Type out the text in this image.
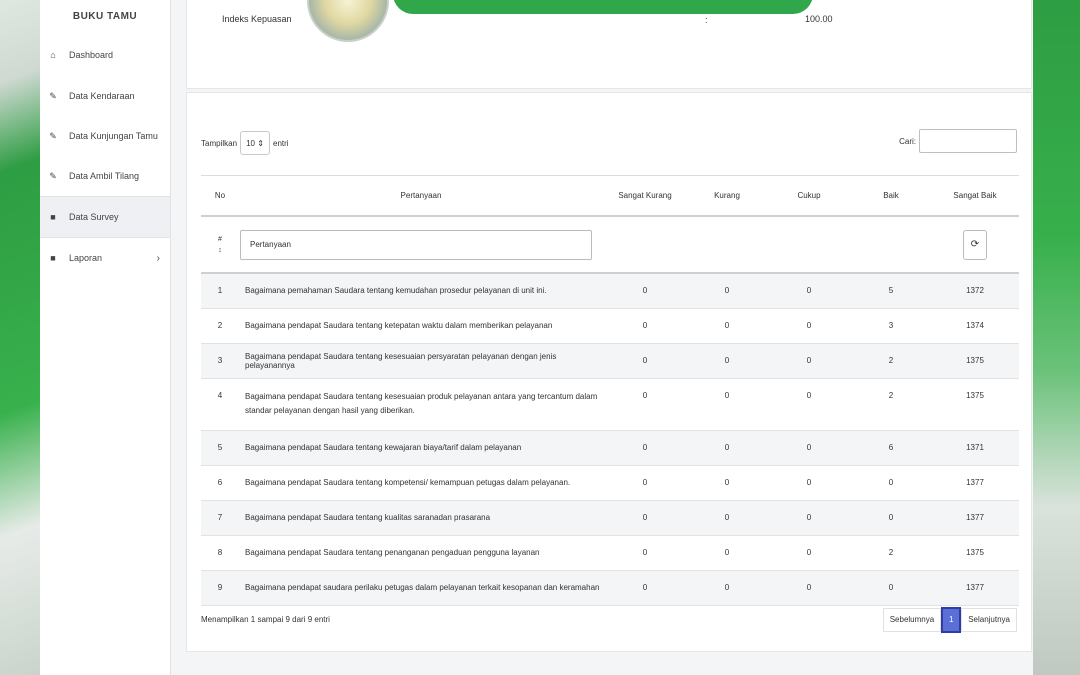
BUKU TAMU
⌂ Dashboard
✎ Data Kendaraan
✎ Data Kunjungan Tamu
✎ Data Ambil Tilang
■ Data Survey
■ Laporan	›
Indeks Kepuasan	:	100.00
Tampilkan	10 ⇕	entri	Cari:
No	Pertanyaan	Sangat Kurang	Kurang	Cukup	Baik	Sangat Baik

#
↕	Pertanyaan					⟳

1	Bagaimana pemahaman Saudara tentang kemudahan prosedur pelayanan di unit ini.	0	0	0	5	1372
2	Bagaimana pendapat Saudara tentang ketepatan waktu dalam memberikan pelayanan	0	0	0	3	1374
3	Bagaimana pendapat Saudara tentang kesesuaian persyaratan pelayanan dengan jenis pelayanannya	0	0	0	2	1375
4	Bagaimana pendapat Saudara tentang kesesuaian produk pelayanan antara yang tercantum dalam standar pelayanan dengan hasil yang diberikan.	0	0	0	2	1375
5	Bagaimana pendapat Saudara tentang kewajaran biaya/tarif dalam pelayanan	0	0	0	6	1371
6	Bagaimana pendapat Saudara tentang kompetensi/ kemampuan petugas dalam pelayanan.	0	0	0	0	1377
7	Bagaimana pendapat Saudara tentang kualitas saranadan prasarana	0	0	0	0	1377
8	Bagaimana pendapat Saudara tentang penanganan pengaduan pengguna layanan	0	0	0	2	1375
9	Bagaimana pendapat saudara perilaku petugas dalam pelayanan terkait kesopanan dan keramahan	0	0	0	0	1377
Menampilkan 1 sampai 9 dari 9 entri	Sebelumnya	1	Selanjutnya
